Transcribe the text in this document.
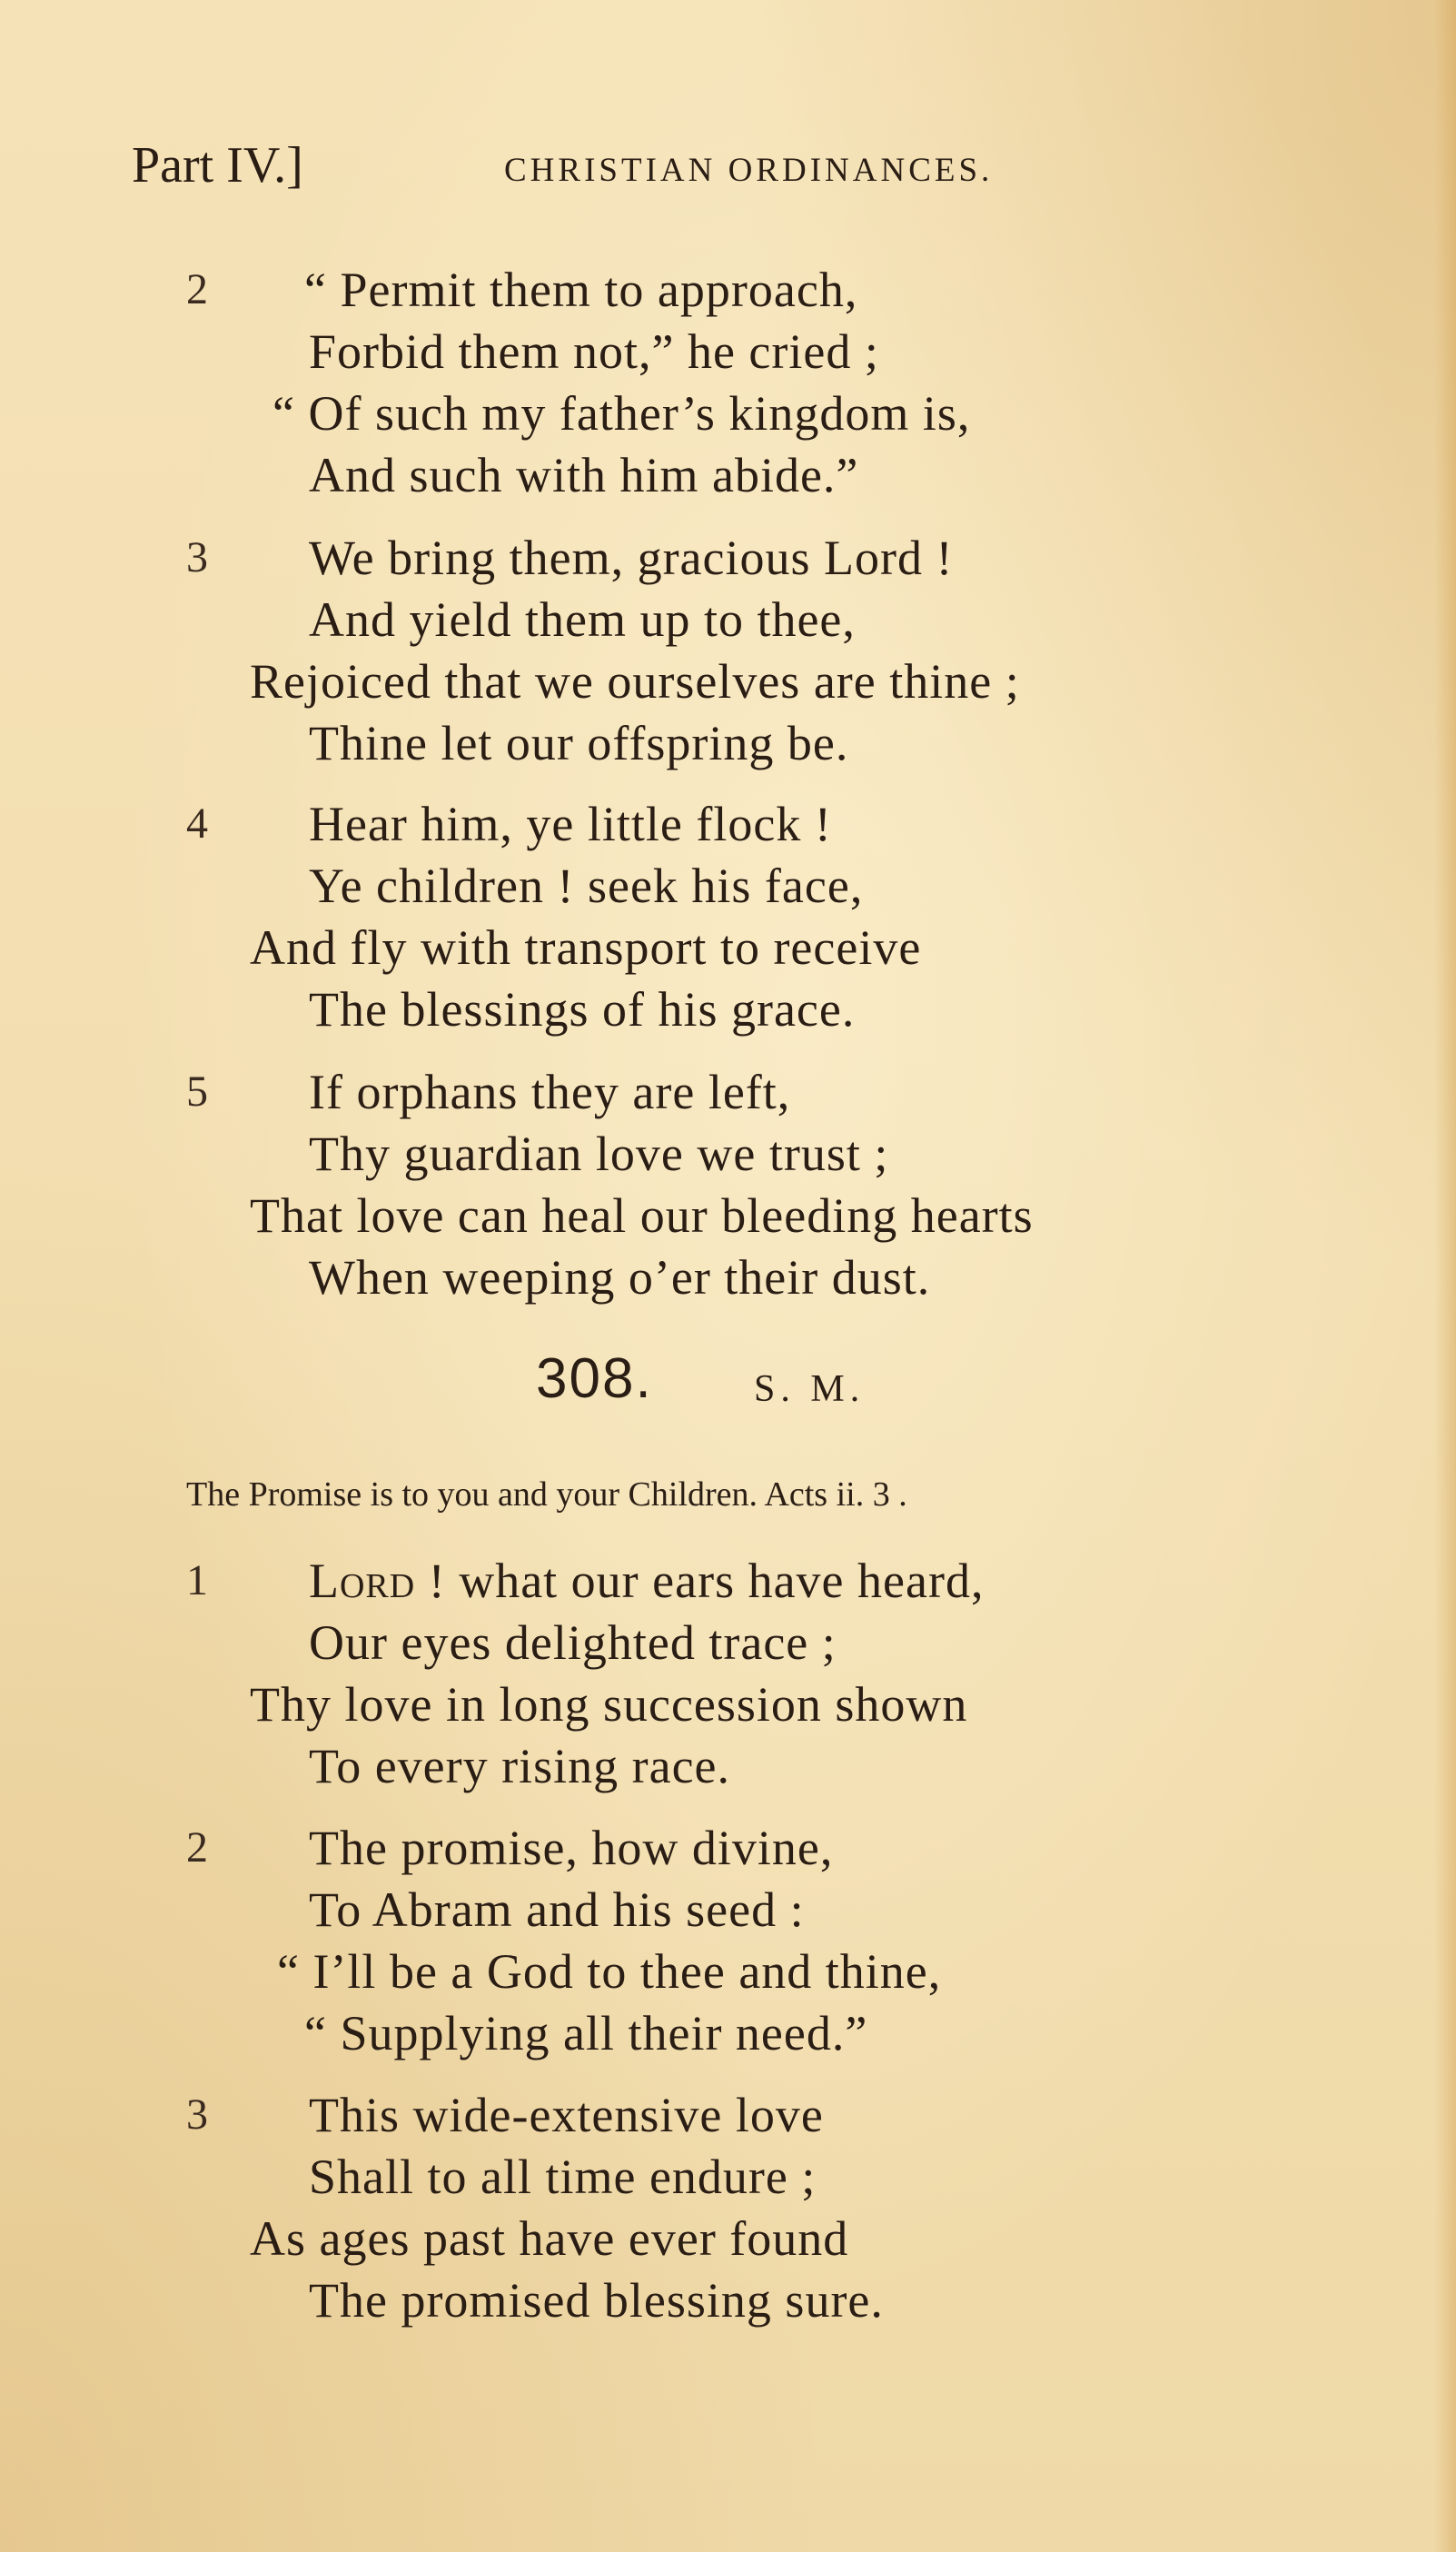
Part IV.]	CHRISTIAN ORDINANCES.
2 “ Permit them to approach,
Forbid them not,” he cried ;
“ Of such my father’s kingdom is,
And such with him abide.”
3 We bring them, gracious Lord !
And yield them up to thee,
Rejoiced that we ourselves are thine ;
Thine let our offspring be.
4 Hear him, ye little flock !
Ye children ! seek his face,
And fly with transport to receive
The blessings of his grace.
5 If orphans they are left,
Thy guardian love we trust ;
That love can heal our bleeding hearts
When weeping o’er their dust.
308.	S. M.
The Promise is to you and your Children. Acts ii. 3 .
1 Lord ! what our ears have heard,
Our eyes delighted trace ;
Thy love in long succession shown
To every rising race.
2 The promise, how divine,
To Abram and his seed :
“ I’ll be a God to thee and thine,
“ Supplying all their need.”
3 This wide-extensive love
Shall to all time endure ;
As ages past have ever found
The promised blessing sure.
